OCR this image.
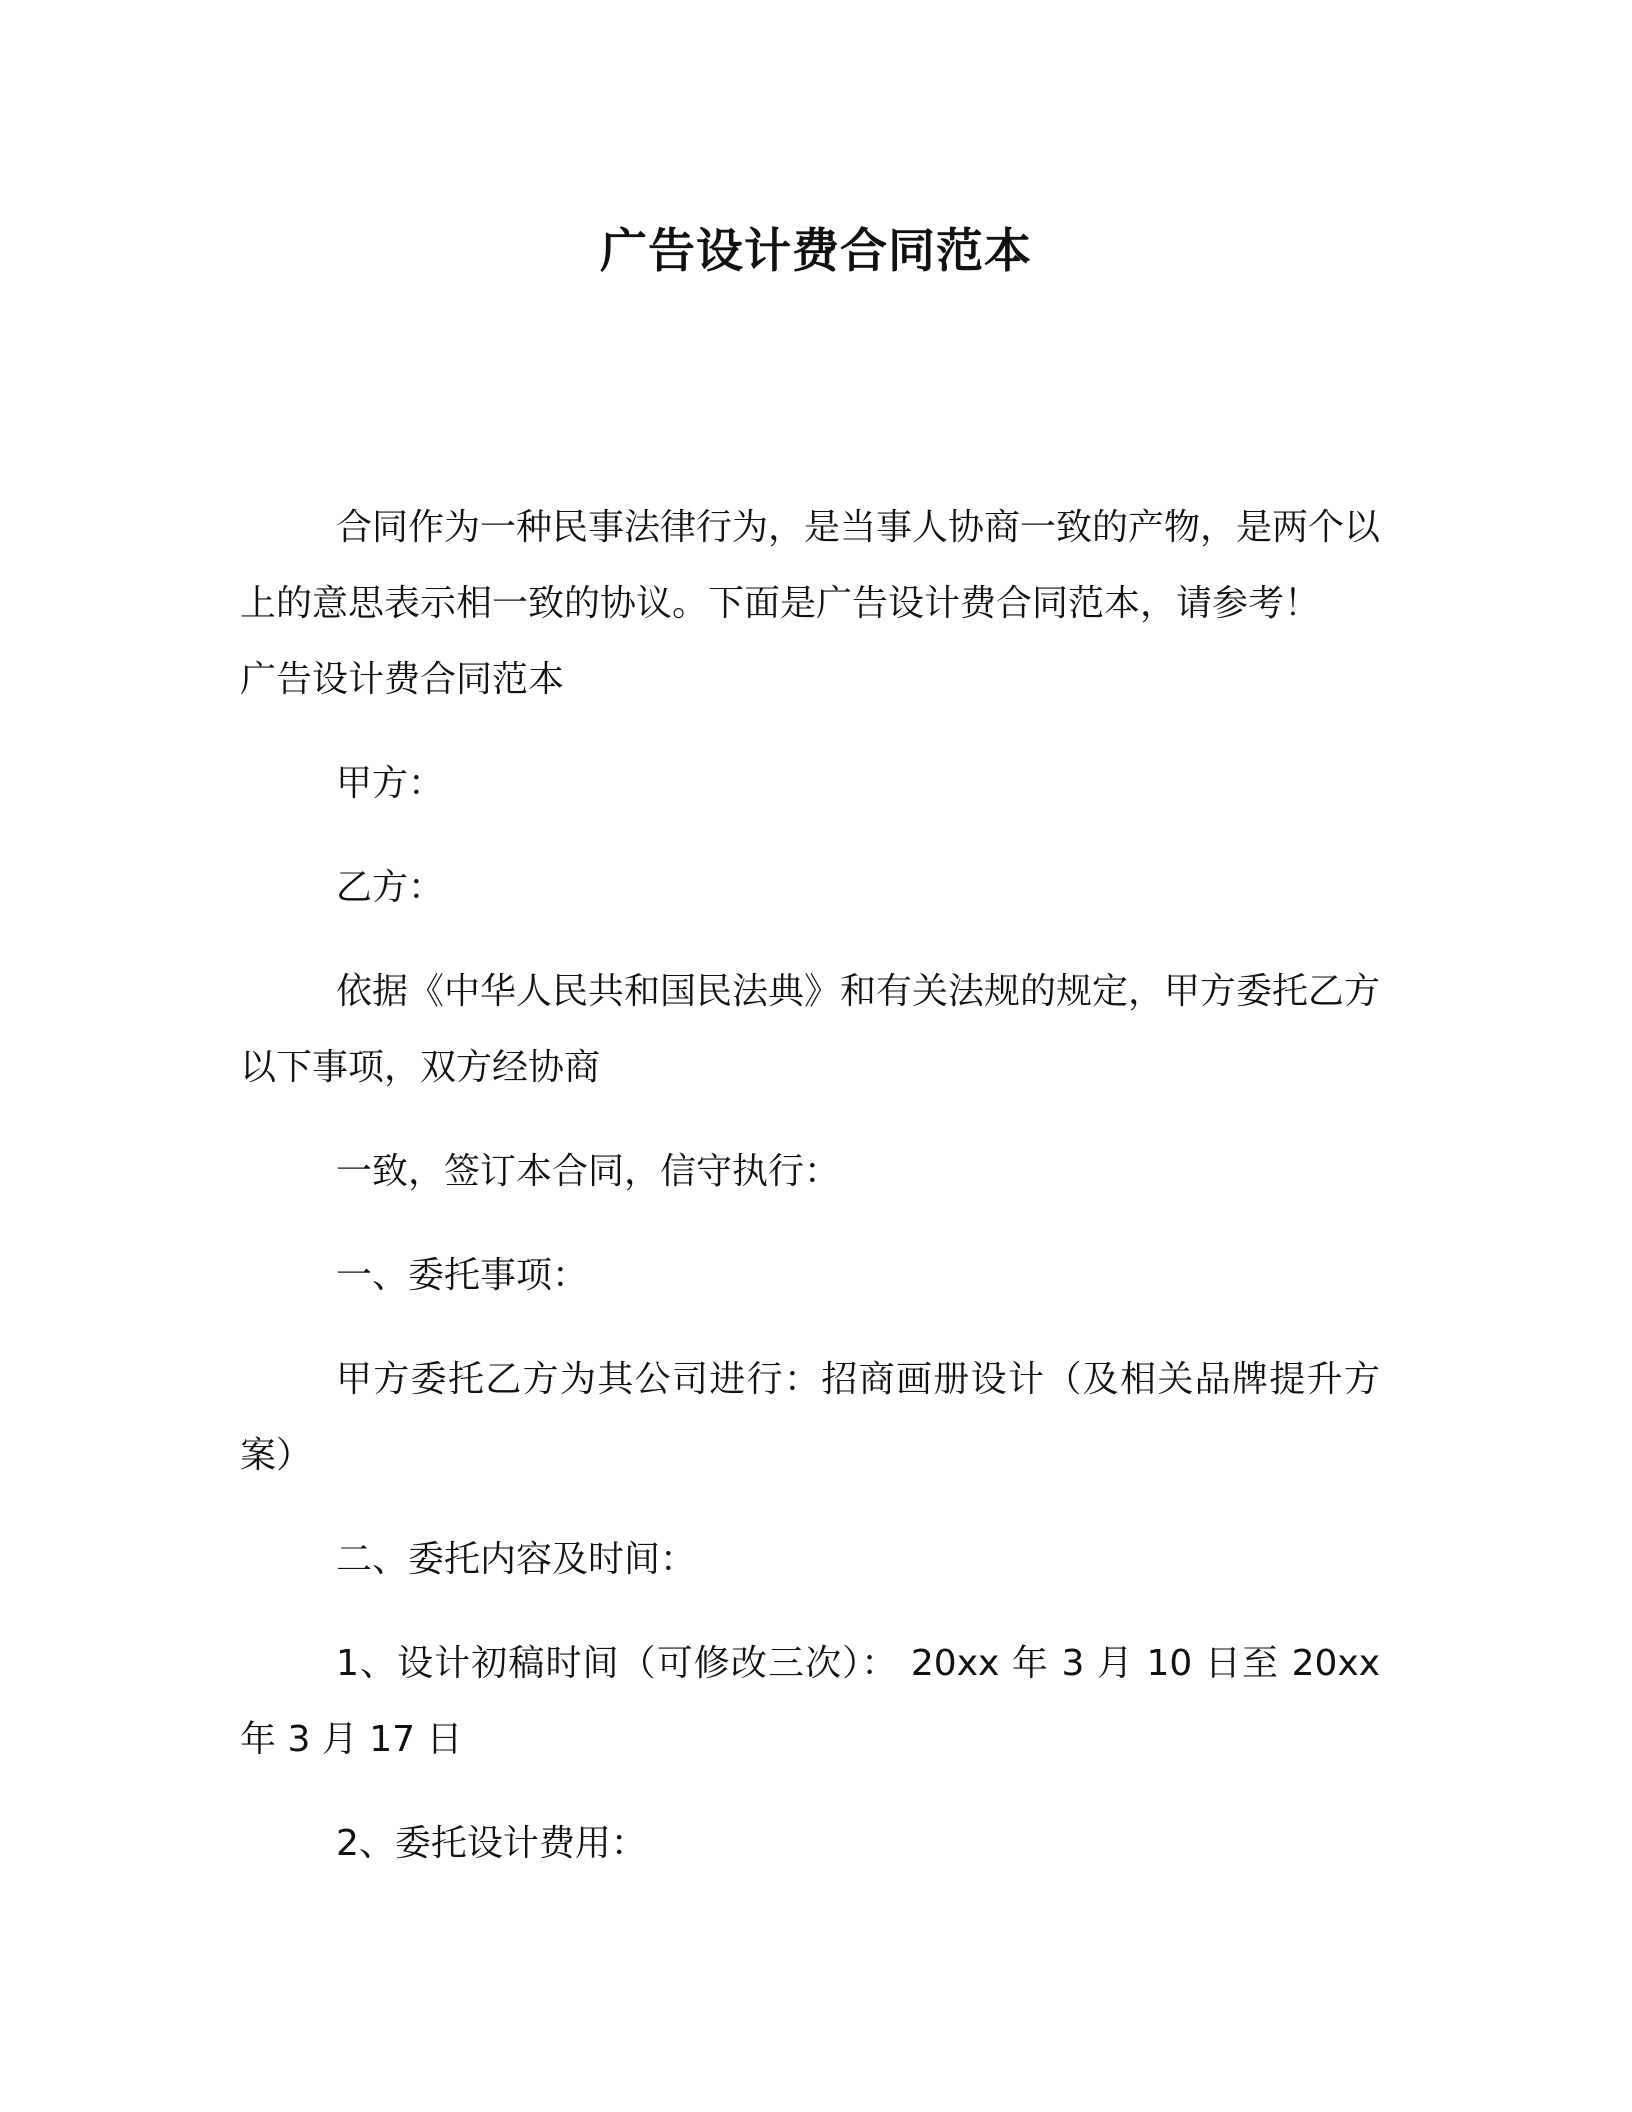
广告设计费合同范本

合同作为一种民事法律行为，是当事人协商一致的产物，是两个以上的意思表示相一致的协议。下面是广告设计费合同范本，请参考！

广告设计费合同范本

甲方：

乙方：

依据《中华人民共和国民法典》和有关法规的规定，甲方委托乙方以下事项，双方经协商

一致，签订本合同，信守执行：

一、委托事项：

甲方委托乙方为其公司进行：招商画册设计（及相关品牌提升方案）

二、委托内容及时间：

1、设计初稿时间（可修改三次）： 20xx 年 3 月 10 日至 20xx 年 3 月 17 日

2、委托设计费用：
